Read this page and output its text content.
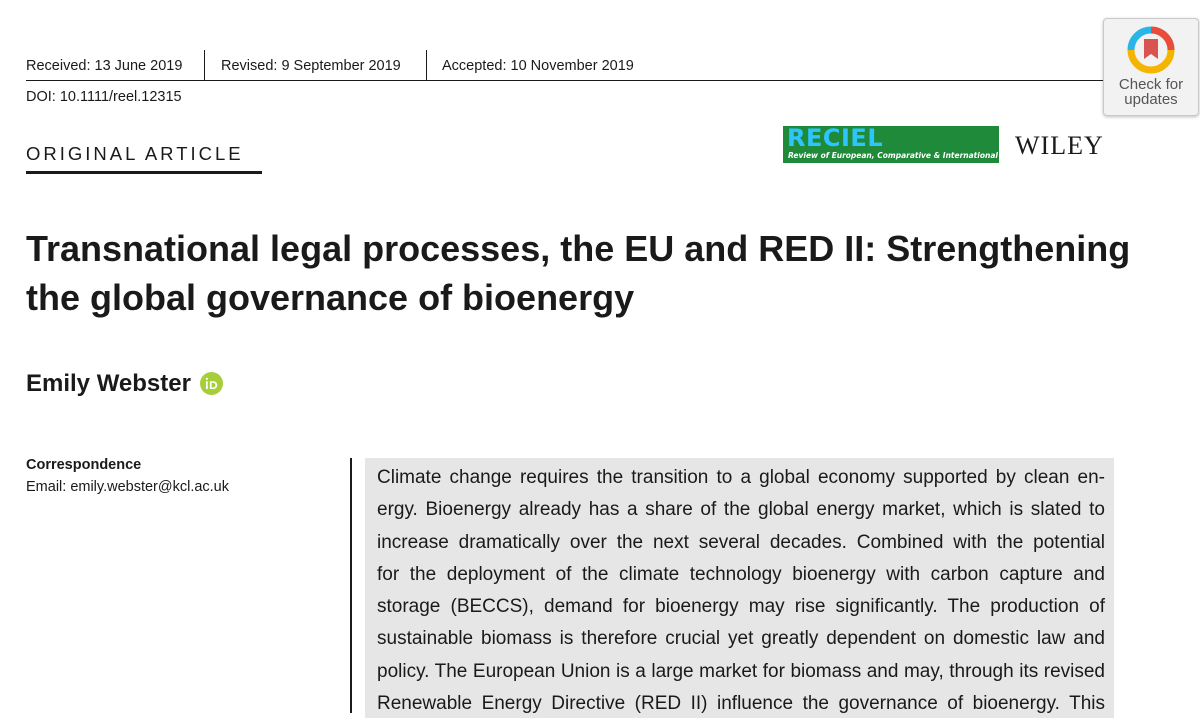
Received: 13 June 2019	Revised: 9 September 2019	Accepted: 10 November 2019
DOI: 10.1111/reel.12315
Check for
updates
ORIGINAL ARTICLE
RECIEL
Review of European, Comparative & International Environmental Law
WILEY
Transnational legal processes, the EU and RED II: Strengthening
the global governance of bioenergy
Emily Webster
Correspondence
Email: emily.webster@kcl.ac.uk	Climate change requires the transition to a global economy supported by clean en-
ergy. Bioenergy already has a share of the global energy market, which is slated to
increase dramatically over the next several decades. Combined with the potential
for the deployment of the climate technology bioenergy with carbon capture and
storage (BECCS), demand for bioenergy may rise significantly. The production of
sustainable biomass is therefore crucial yet greatly dependent on domestic law and
policy. The European Union is a large market for biomass and may, through its revised
Renewable Energy Directive (RED II) influence the governance of bioenergy. This
